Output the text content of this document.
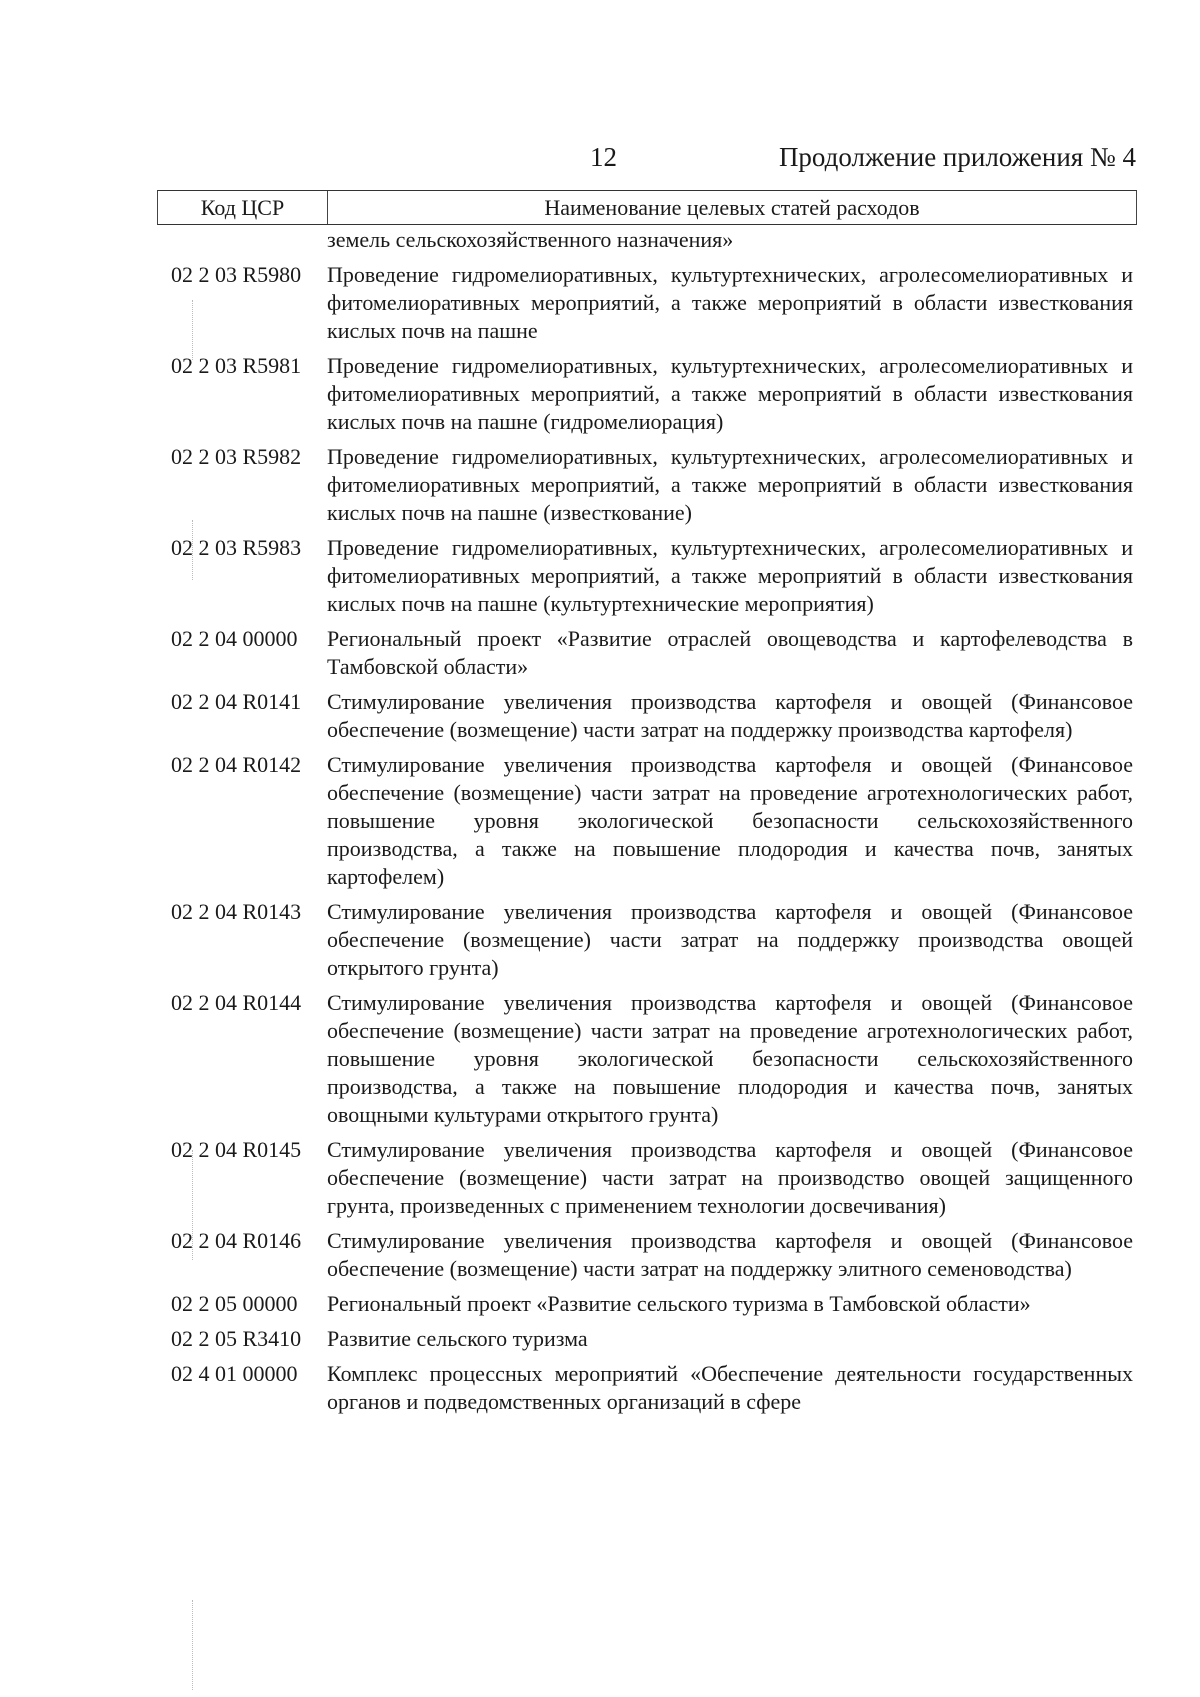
12	Продолжение приложения № 4
Код ЦСР	Наименование целевых статей расходов
земель сельскохозяйственного назначения»
02 2 03 R5980	Проведение гидромелиоративных, культуртехнических, агролесомелиоративных и фитомелиоративных мероприятий, а также мероприятий в области известкования кислых почв на пашне
02 2 03 R5981	Проведение гидромелиоративных, культуртехнических, агролесомелиоративных и фитомелиоративных мероприятий, а также мероприятий в области известкования кислых почв на пашне (гидромелиорация)
02 2 03 R5982	Проведение гидромелиоративных, культуртехнических, агролесомелиоративных и фитомелиоративных мероприятий, а также мероприятий в области известкования кислых почв на пашне (известкование)
02 2 03 R5983	Проведение гидромелиоративных, культуртехнических, агролесомелиоративных и фитомелиоративных мероприятий, а также мероприятий в области известкования кислых почв на пашне (культуртехнические мероприятия)
02 2 04 00000	Региональный проект «Развитие отраслей овощеводства и картофелеводства в Тамбовской области»
02 2 04 R0141	Стимулирование увеличения производства картофеля и овощей (Финансовое обеспечение (возмещение) части затрат на поддержку производства картофеля)
02 2 04 R0142	Стимулирование увеличения производства картофеля и овощей (Финансовое обеспечение (возмещение) части затрат на проведение агротехнологических работ, повышение уровня экологической безопасности сельскохозяйственного производства, а также на повышение плодородия и качества почв, занятых картофелем)
02 2 04 R0143	Стимулирование увеличения производства картофеля и овощей (Финансовое обеспечение (возмещение) части затрат на поддержку производства овощей открытого грунта)
02 2 04 R0144	Стимулирование увеличения производства картофеля и овощей (Финансовое обеспечение (возмещение) части затрат на проведение агротехнологических работ, повышение уровня экологической безопасности сельскохозяйственного производства, а также на повышение плодородия и качества почв, занятых овощными культурами открытого грунта)
02 2 04 R0145	Стимулирование увеличения производства картофеля и овощей (Финансовое обеспечение (возмещение) части затрат на производство овощей защищенного грунта, произведенных с применением технологии досвечивания)
02 2 04 R0146	Стимулирование увеличения производства картофеля и овощей (Финансовое обеспечение (возмещение) части затрат на поддержку элитного семеноводства)
02 2 05 00000	Региональный проект «Развитие сельского туризма в Тамбовской области»
02 2 05 R3410	Развитие сельского туризма
02 4 01 00000	Комплекс процессных мероприятий «Обеспечение деятельности государственных органов и подведомственных организаций в сфере
